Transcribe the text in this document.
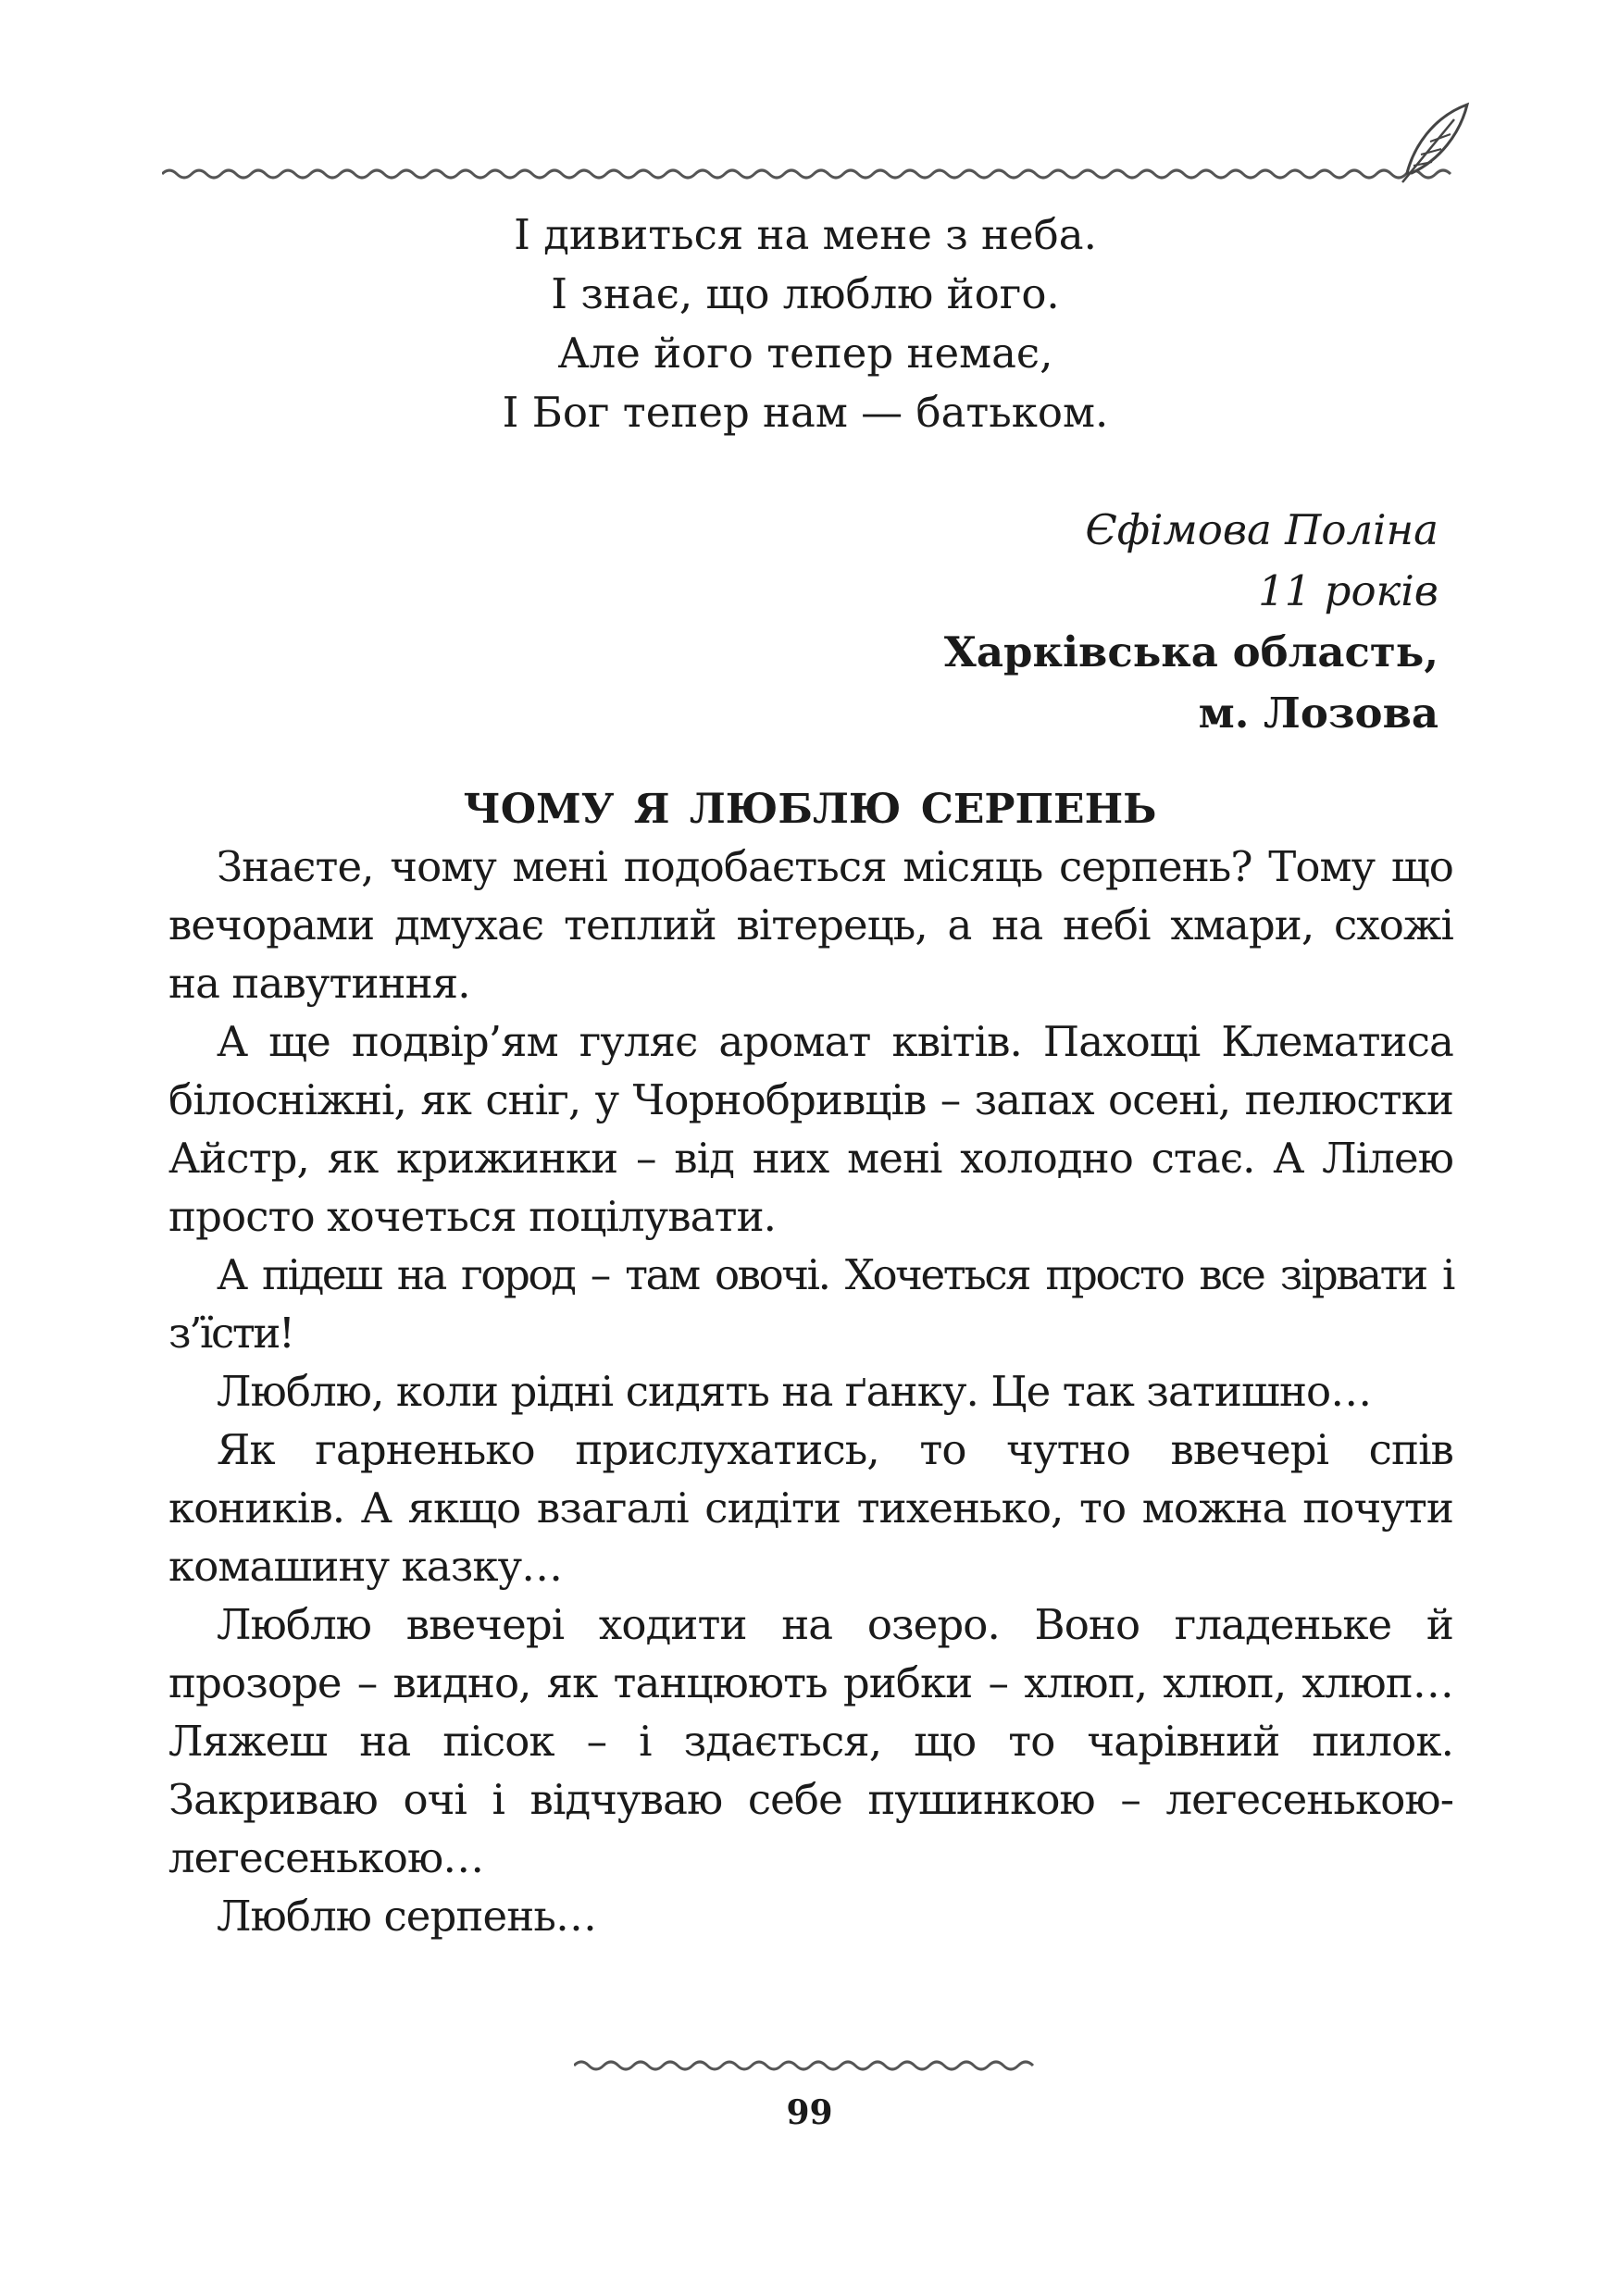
І дивиться на мене з неба.
І знає, що люблю його.
Але його тепер немає,
І Бог тепер нам — батьком.
Єфімова Поліна
11 років
Харківська область,
м. Лозова
ЧОМУ Я ЛЮБЛЮ СЕРПЕНЬ

Знаєте, чому мені подобається місяць серпень? Тому що вечорами дмухає теплий вітерець, а на небі хмари, схожі на павутиння.

А ще подвір’ям гуляє аромат квітів. Пахощі Клематиса білосніжні, як сніг, у Чорнобривців – запах осені, пелюстки Айстр, як крижинки – від них мені холодно стає. А Лілею просто хочеться поцілувати.

А підеш на город – там овочі. Хочеться просто все зірвати і з’їсти!

Люблю, коли рідні сидять на ґанку. Це так затишно…

Як гарненько прислухатись, то чутно ввечері спів коників. А якщо взагалі сидіти тихенько, то можна почути комашину казку…

Люблю ввечері ходити на озеро. Воно гладеньке й прозоре – видно, як танцюють рибки – хлюп, хлюп, хлюп… Ляжеш на пісок – і здається, що то чарівний пилок. Закриваю очі і відчуваю себе пушинкою – легесенькою-легесенькою…

Люблю серпень…

99
